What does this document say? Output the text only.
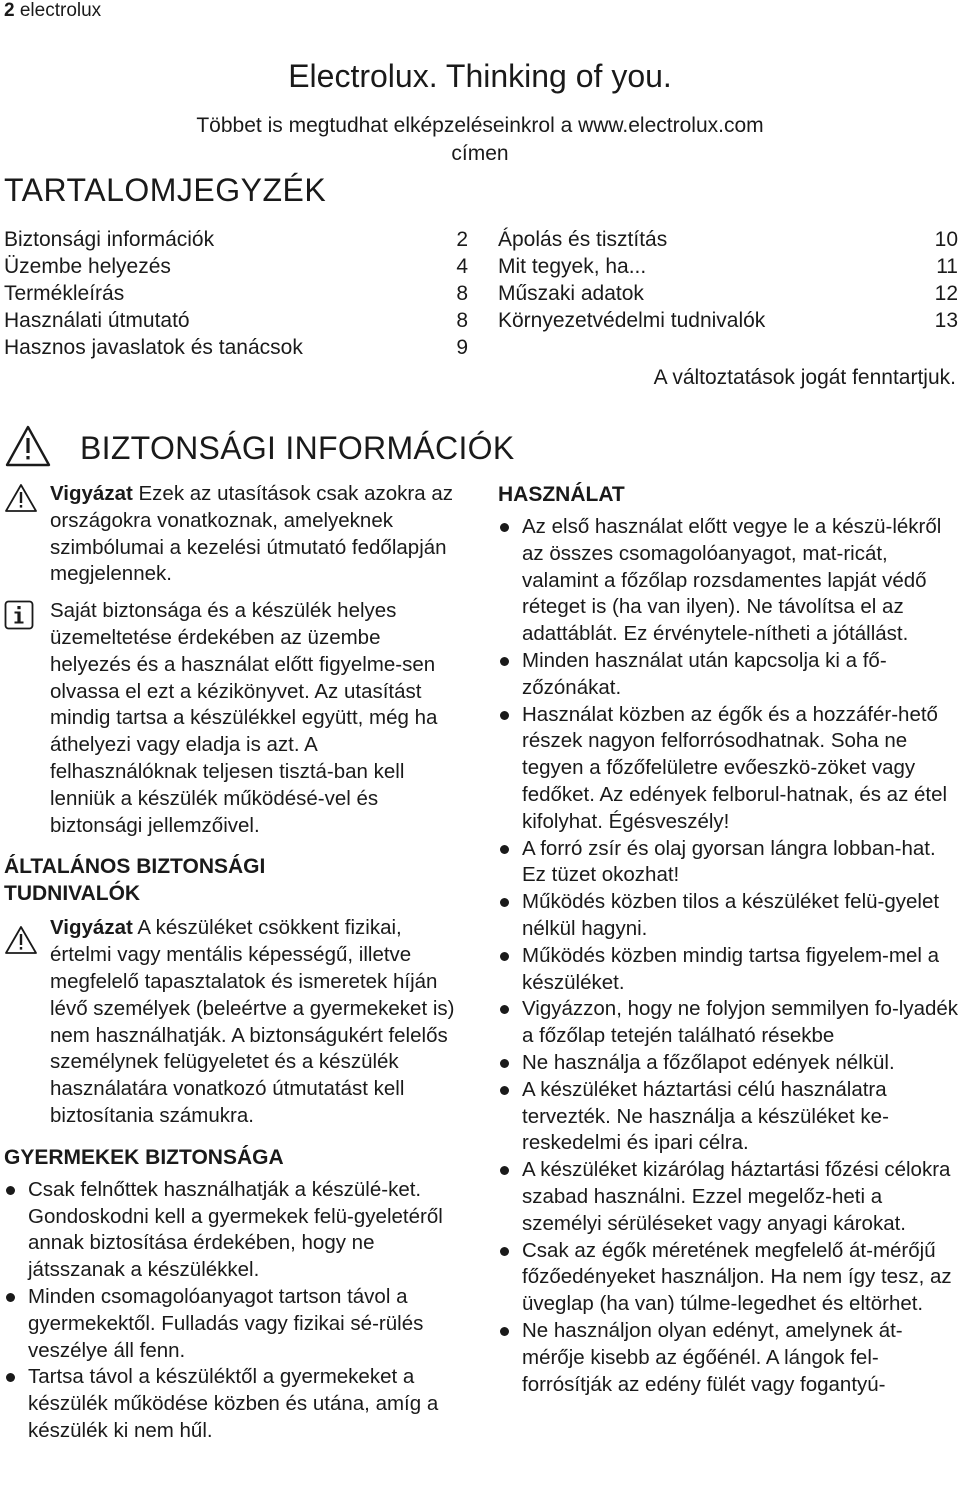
2 electrolux
Electrolux. Thinking of you.
Többet is megtudhat elképzeléseinkrol a www.electrolux.com
címen
TARTALOMJEGYZÉK
Biztonsági információk	2
Üzembe helyezés	4
Termékleírás	8
Használati útmutató	8
Hasznos javaslatok és tanácsok	9
Ápolás és tisztítás	10
Mit tegyek, ha...	11
Műszaki adatok	12
Környezetvédelmi tudnivalók	13
A változtatások jogát fenntartjuk.
BIZTONSÁGI INFORMÁCIÓK

Vigyázat Ezek az utasítások csak azokra az országokra vonatkoznak, amelyeknek szimbólumai a kezelési útmutató fedőlapján megjelennek.

Saját biztonsága és a készülék helyes üzemeltetése érdekében az üzembe helyezés és a használat előtt figyelme-sen olvassa el ezt a kézikönyvet. Az utasítást mindig tartsa a készülékkel együtt, még ha áthelyezi vagy eladja is azt. A felhasználóknak teljesen tisztá-ban kell lenniük a készülék működésé-vel és biztonsági jellemzőivel.

ÁLTALÁNOS BIZTONSÁGI
TUDNIVALÓK

Vigyázat A készüléket csökkent fizikai, értelmi vagy mentális képességű, illetve megfelelő tapasztalatok és ismeretek híján lévő személyek (beleértve a gyermekeket is) nem használhatják. A biztonságukért felelős személynek felügyeletet és a készülék használatára vonatkozó útmutatást kell biztosítania számukra.

GYERMEKEK BIZTONSÁGA
Csak felnőttek használhatják a készülé-ket. Gondoskodni kell a gyermekek felü-gyeletéről annak biztosítása érdekében, hogy ne játsszanak a készülékkel.
Minden csomagolóanyagot tartson távol a gyermekektől. Fulladás vagy fizikai sé-rülés veszélye áll fenn.
Tartsa távol a készüléktől a gyermekeket a készülék működése közben és utána, amíg a készülék ki nem hűl.
HASZNÁLAT
Az első használat előtt vegye le a készü-lékről az összes csomagolóanyagot, mat-ricát, valamint a főzőlap rozsdamentes lapját védő réteget is (ha van ilyen). Ne távolítsa el az adattáblát. Ez érvénytele-nítheti a jótállást.
Minden használat után kapcsolja ki a fő-zőzónákat.
Használat közben az égők és a hozzáfér-hető részek nagyon felforrósodhatnak. Soha ne tegyen a főzőfelületre evőeszkö-zöket vagy fedőket. Az edények felborul-hatnak, és az étel kifolyhat. Égésveszély!
A forró zsír és olaj gyorsan lángra lobban-hat. Ez tüzet okozhat!
Működés közben tilos a készüléket felü-gyelet nélkül hagyni.
Működés közben mindig tartsa figyelem-mel a készüléket.
Vigyázzon, hogy ne folyjon semmilyen fo-lyadék a főzőlap tetején található résekbe
Ne használja a főzőlapot edények nélkül.
A készüléket háztartási célú használatra tervezték. Ne használja a készüléket ke-reskedelmi és ipari célra.
A készüléket kizárólag háztartási főzési célokra szabad használni. Ezzel megelőz-heti a személyi sérüléseket vagy anyagi károkat.
Csak az égők méretének megfelelő át-mérőjű főzőedényeket használjon. Ha nem így tesz, az üveglap (ha van) túlme-legedhet és eltörhet.
Ne használjon olyan edényt, amelynek át-mérője kisebb az égőénél. A lángok fel-forrósítják az edény fülét vagy fogantyú-
